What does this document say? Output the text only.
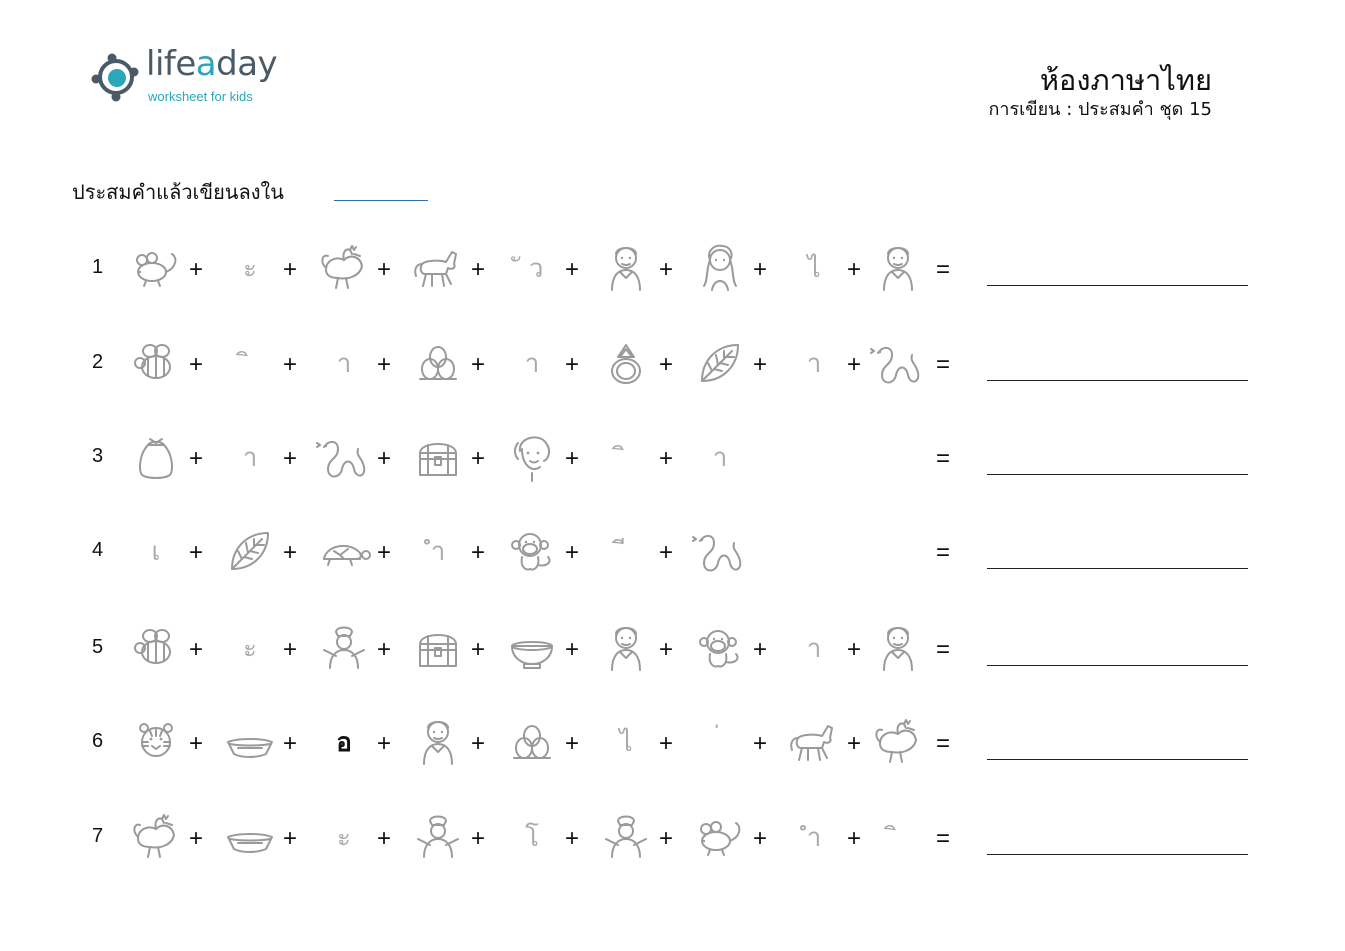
lifeaday
worksheet for kids	ห้องภาษาไทย
การเขียน : ประสมคำ ชุด 15
ประสมคำแล้วเขียนลงใน
1	+	ะ	+	+	+	ั ว +	+	+	ไ	+	=
2	+	+	า	+	+	า	+	+	+	า	+	=
3	+	า	+	+	+	+	+	า	=
4	เ	+	+	+	ำ	+	+	+	=
5	+	ะ	+	+	+	+	+	+	า	+	=
6	+	+	อ	+	+	+	ไ	+	+	+	=
7	+	+	ะ	+	+	โ	+	+	+	ำ	+	=
